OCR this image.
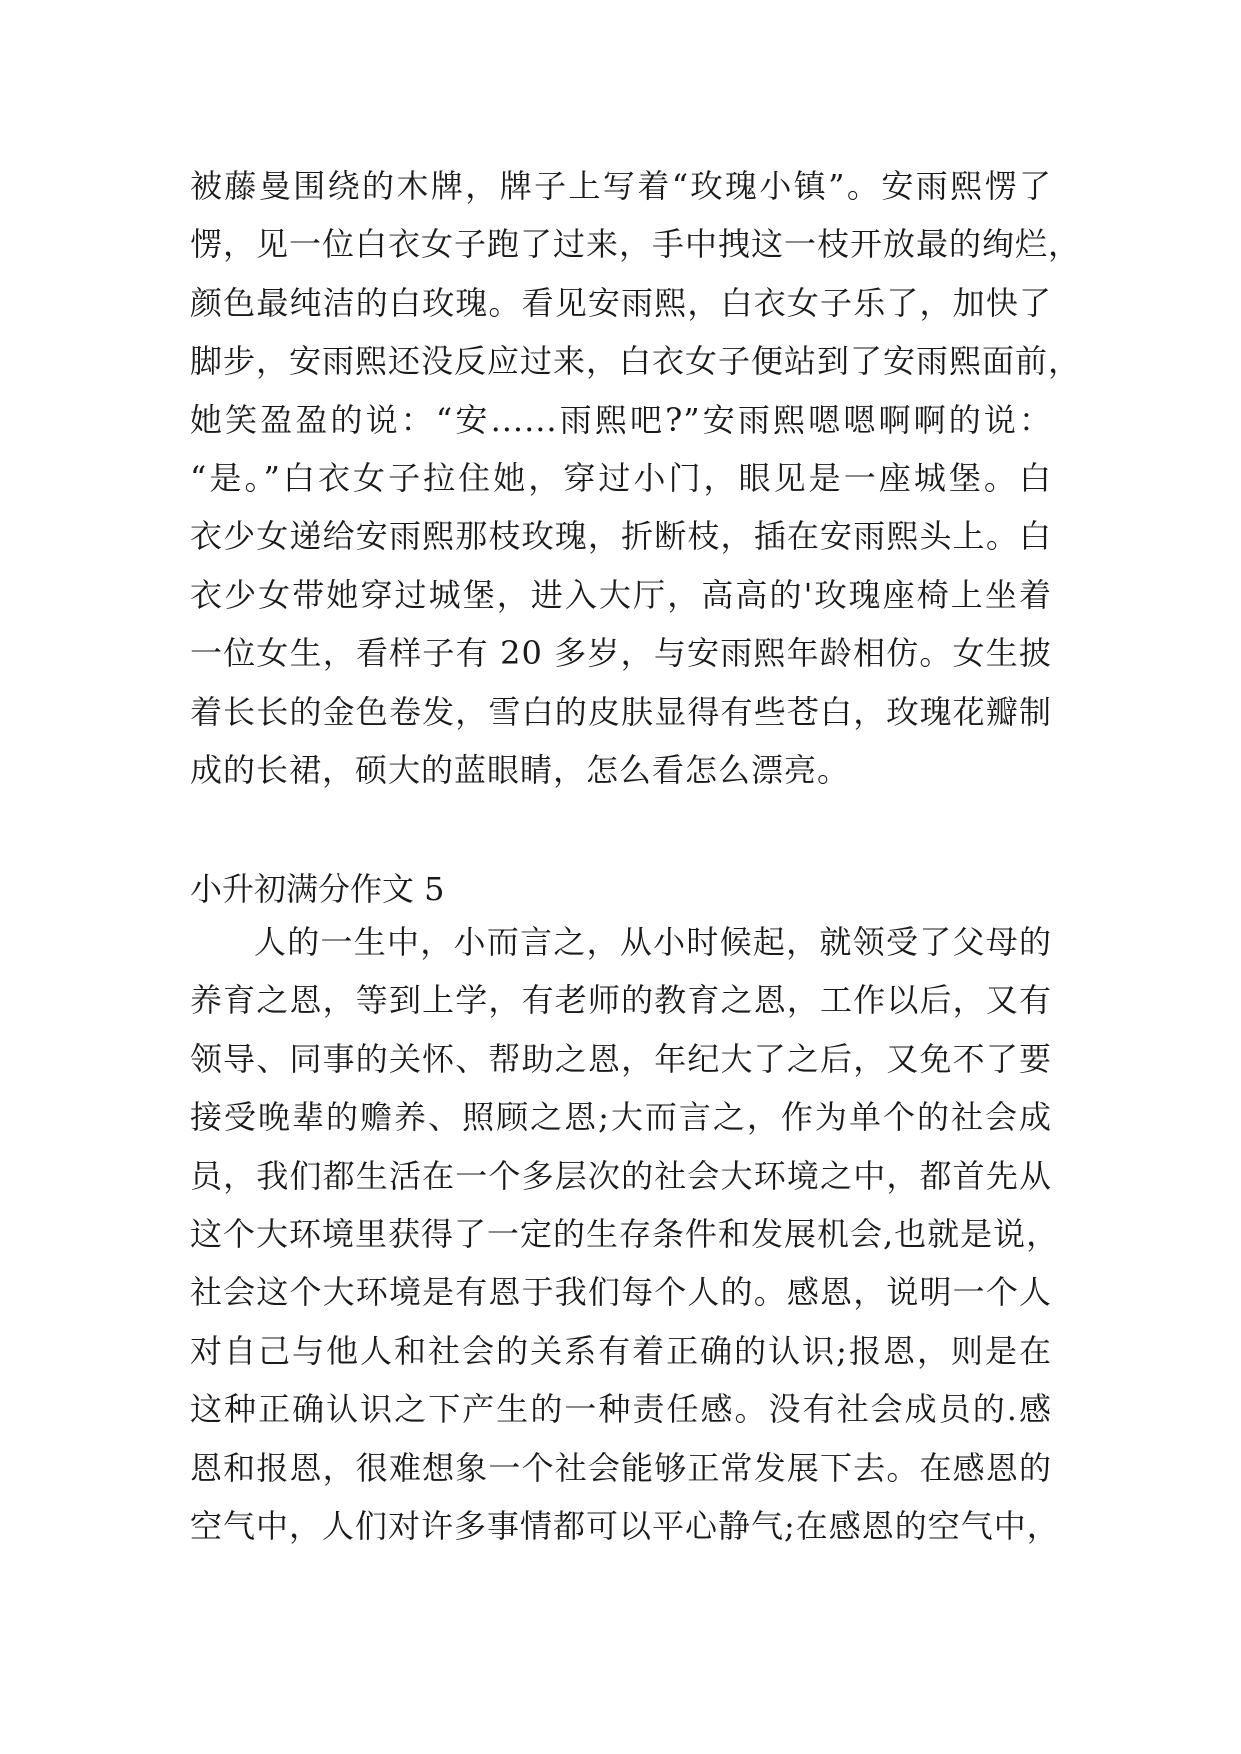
被藤曼围绕的木牌，牌子上写着“玫瑰小镇”。安雨熙愣了
愣，见一位白衣女子跑了过来，手中拽这一枝开放最的绚烂，
颜色最纯洁的白玫瑰。看见安雨熙，白衣女子乐了，加快了
脚步，安雨熙还没反应过来，白衣女子便站到了安雨熙面前，
她笑盈盈的说：“安......雨熙吧?”安雨熙嗯嗯啊啊的说：
“是。”白衣女子拉住她，穿过小门，眼见是一座城堡。白
衣少女递给安雨熙那枝玫瑰，折断枝，插在安雨熙头上。白
衣少女带她穿过城堡，进入大厅，高高的'玫瑰座椅上坐着
一位女生，看样子有 20 多岁，与安雨熙年龄相仿。女生披
着长长的金色卷发，雪白的皮肤显得有些苍白，玫瑰花瓣制
成的长裙，硕大的蓝眼睛，怎么看怎么漂亮。
小升初满分作文 5
人的一生中，小而言之，从小时候起，就领受了父母的
养育之恩，等到上学，有老师的教育之恩，工作以后，又有
领导、同事的关怀、帮助之恩，年纪大了之后，又免不了要
接受晚辈的赡养、照顾之恩;大而言之，作为单个的社会成
员，我们都生活在一个多层次的社会大环境之中，都首先从
这个大环境里获得了一定的生存条件和发展机会,也就是说，
社会这个大环境是有恩于我们每个人的。感恩，说明一个人
对自己与他人和社会的关系有着正确的认识;报恩，则是在
这种正确认识之下产生的一种责任感。没有社会成员的.感
恩和报恩，很难想象一个社会能够正常发展下去。在感恩的
空气中，人们对许多事情都可以平心静气;在感恩的空气中，
